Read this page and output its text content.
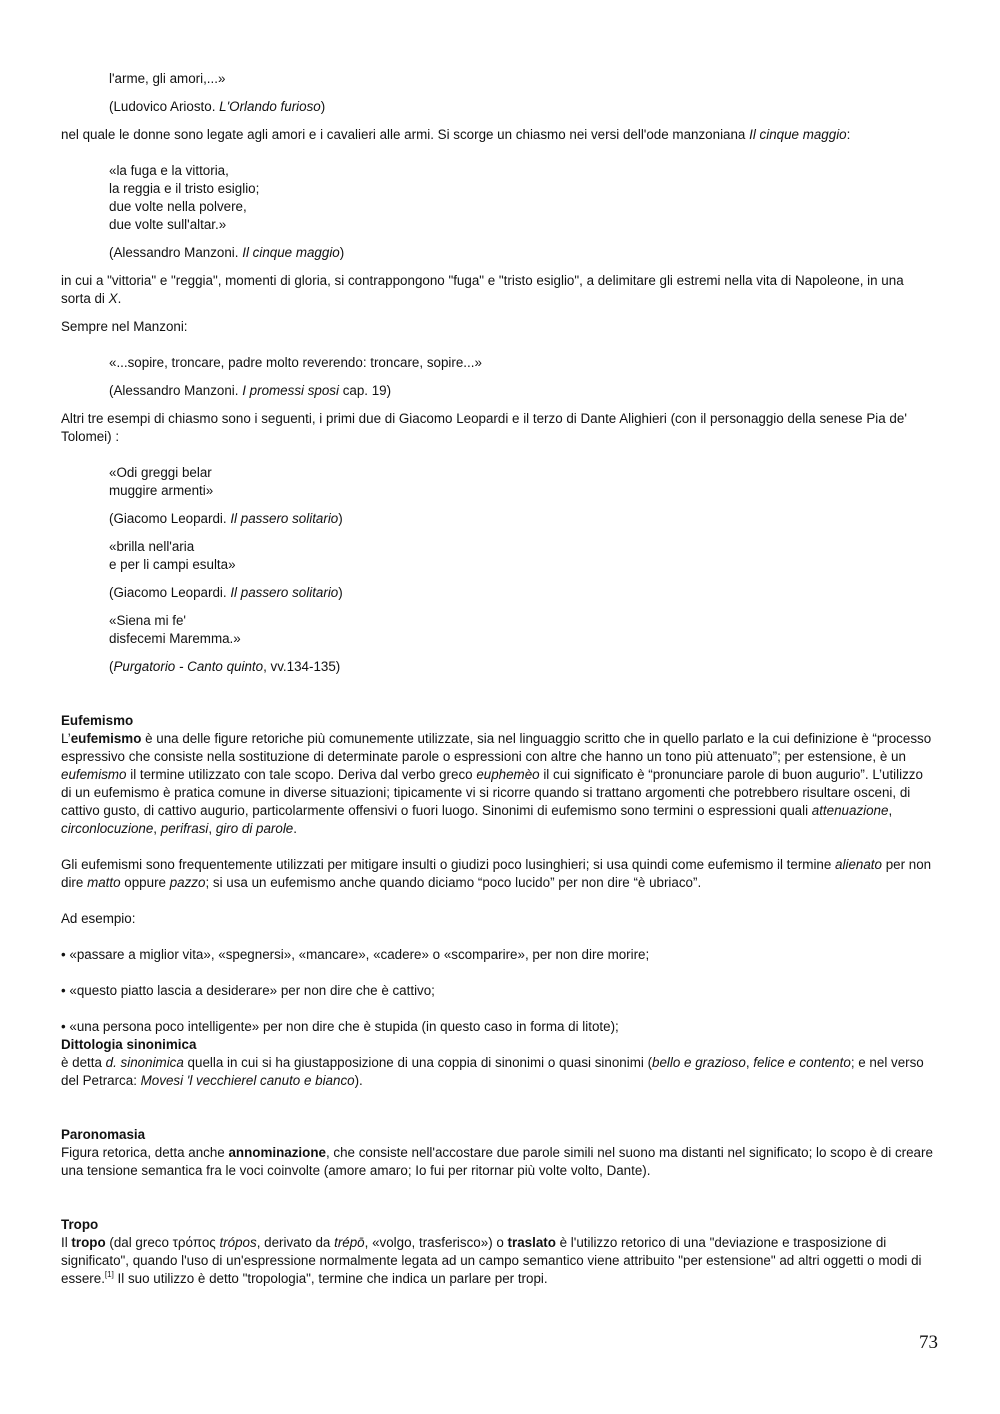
l'arme, gli amori,...»

(Ludovico Ariosto. L'Orlando furioso)

nel quale le donne sono legate agli amori e i cavalieri alle armi. Si scorge un chiasmo nei versi dell'ode manzoniana Il cinque maggio:

«la fuga e la vittoria,

la reggia e il tristo esiglio;

due volte nella polvere,

due volte sull'altar.»

(Alessandro Manzoni. Il cinque maggio)

in cui a "vittoria" e "reggia", momenti di gloria, si contrappongono "fuga" e "tristo esiglio", a delimitare gli estremi nella vita di Napoleone, in una sorta di X.

Sempre nel Manzoni:

«...sopire, troncare, padre molto reverendo: troncare, sopire...»

(Alessandro Manzoni. I promessi sposi cap. 19)

Altri tre esempi di chiasmo sono i seguenti, i primi due di Giacomo Leopardi e il terzo di Dante Alighieri (con il personaggio della senese Pia de' Tolomei) :

«Odi greggi belar

muggire armenti»

(Giacomo Leopardi. Il passero solitario)

«brilla nell'aria

e per li campi esulta»

(Giacomo Leopardi. Il passero solitario)

«Siena mi fe'

disfecemi Maremma.»

(Purgatorio - Canto quinto, vv.134-135)

Eufemismo

L’eufemismo è una delle figure retoriche più comunemente utilizzate, sia nel linguaggio scritto che in quello parlato e la cui definizione è “processo espressivo che consiste nella sostituzione di determinate parole o espressioni con altre che hanno un tono più attenuato”; per estensione, è un eufemismo il termine utilizzato con tale scopo. Deriva dal verbo greco euphemèo il cui significato è “pronunciare parole di buon augurio”. L’utilizzo di un eufemismo è pratica comune in diverse situazioni; tipicamente vi si ricorre quando si trattano argomenti che potrebbero risultare osceni, di cattivo gusto, di cattivo augurio, particolarmente offensivi o fuori luogo. Sinonimi di eufemismo sono termini o espressioni quali attenuazione, circonlocuzione, perifrasi, giro di parole.

Gli eufemismi sono frequentemente utilizzati per mitigare insulti o giudizi poco lusinghieri; si usa quindi come eufemismo il termine alienato per non dire matto oppure pazzo; si usa un eufemismo anche quando diciamo “poco lucido” per non dire “è ubriaco”.

Ad esempio:

• «passare a miglior vita», «spegnersi», «mancare», «cadere» o «scomparire», per non dire morire;

• «questo piatto lascia a desiderare» per non dire che è cattivo;

• «una persona poco intelligente» per non dire che è stupida (in questo caso in forma di litote);

Dittologia sinonimica

è detta d. sinonimica quella in cui si ha giustapposizione di una coppia di sinonimi o quasi sinonimi (bello e grazioso, felice e contento; e nel verso del Petrarca: Movesi 'l vecchierel canuto e bianco).

Paronomasia

Figura retorica, detta anche annominazione, che consiste nell'accostare due parole simili nel suono ma distanti nel significato; lo scopo è di creare una tensione semantica fra le voci coinvolte (amore amaro; Io fui per ritornar più volte volto, Dante).

Tropo

Il tropo (dal greco τρόπος trópos, derivato da trépō, «volgo, trasferisco») o traslato è l'utilizzo retorico di una "deviazione e trasposizione di significato", quando l'uso di un'espressione normalmente legata ad un campo semantico viene attribuito "per estensione" ad altri oggetti o modi di essere.[1] Il suo utilizzo è detto "tropologia", termine che indica un parlare per tropi.

73
